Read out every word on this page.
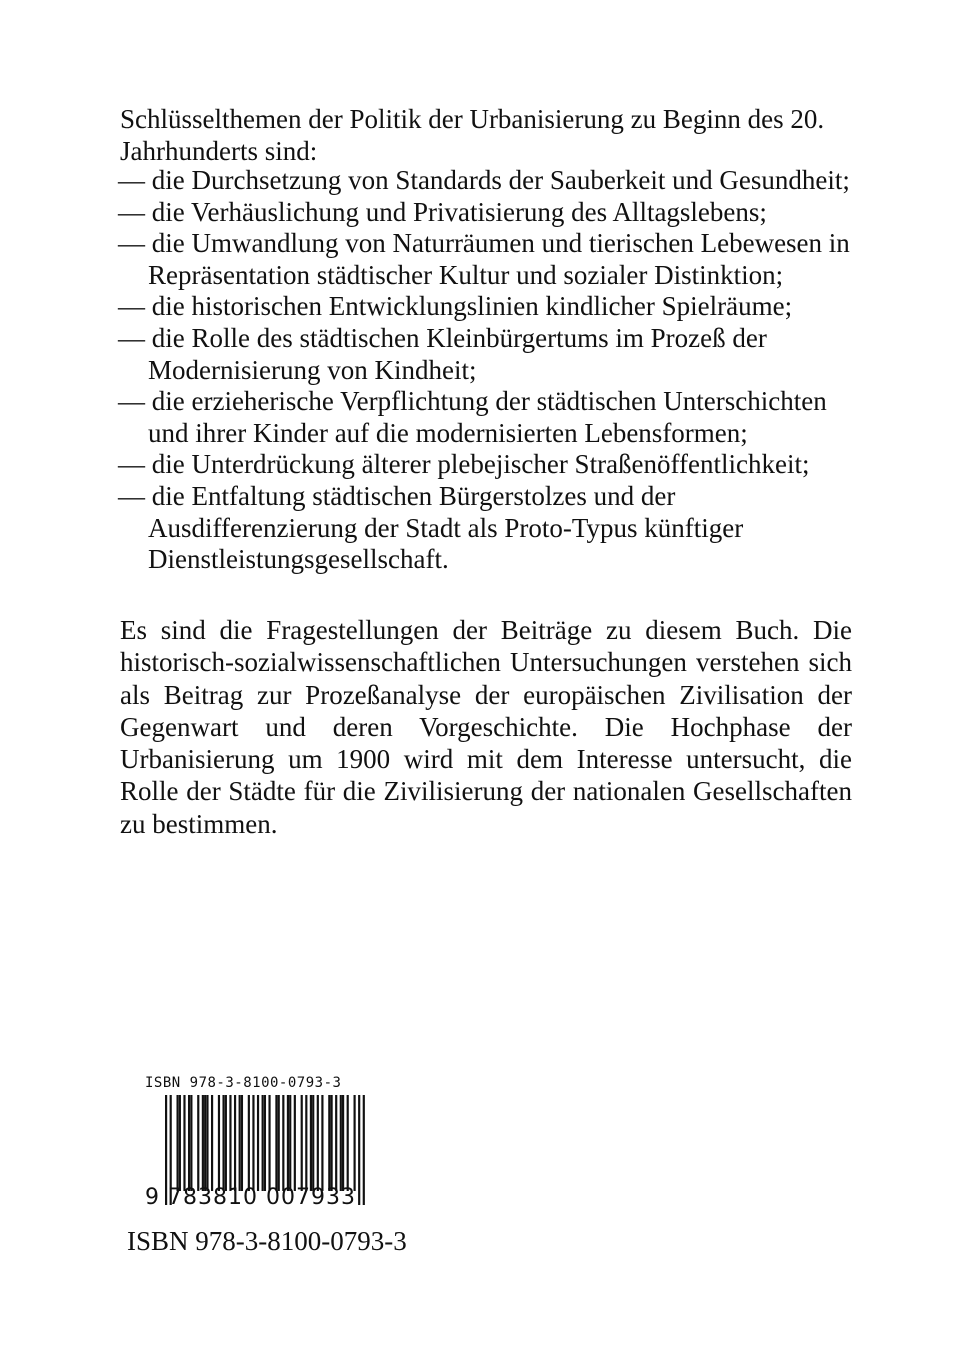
Schlüsselthemen der Politik der Urbanisierung zu Beginn des 20. Jahrhunderts sind:

— die Durchsetzung von Standards der Sauberkeit und Gesundheit;
— die Verhäuslichung und Privatisierung des Alltagslebens;
— die Umwandlung von Naturräumen und tierischen Lebewesen in Repräsentation städtischer Kultur und sozialer Distinktion;
— die historischen Entwicklungslinien kindlicher Spielräume;
— die Rolle des städtischen Kleinbürgertums im Prozeß der Modernisierung von Kindheit;
— die erzieherische Verpflichtung der städtischen Unterschichten und ihrer Kinder auf die modernisierten Lebensformen;
— die Unterdrückung älterer plebejischer Straßenöffentlichkeit;
— die Entfaltung städtischen Bürgerstolzes und der Ausdifferenzierung der Stadt als Proto-Typus künftiger Dienstleistungsgesellschaft.

Es sind die Fragestellungen der Beiträge zu diesem Buch. Die historisch-sozialwissenschaftlichen Untersuchungen verstehen sich als Beitrag zur Prozeßanalyse der europäischen Zivilisation der Gegenwart und deren Vorgeschichte. Die Hochphase der Urbanisierung um 1900 wird mit dem Interesse untersucht, die Rolle der Städte für die Zivilisierung der nationalen Gesellschaften zu bestimmen.

ISBN 978-3-8100-0793-3
9 783810 007933
ISBN 978-3-8100-0793-3
